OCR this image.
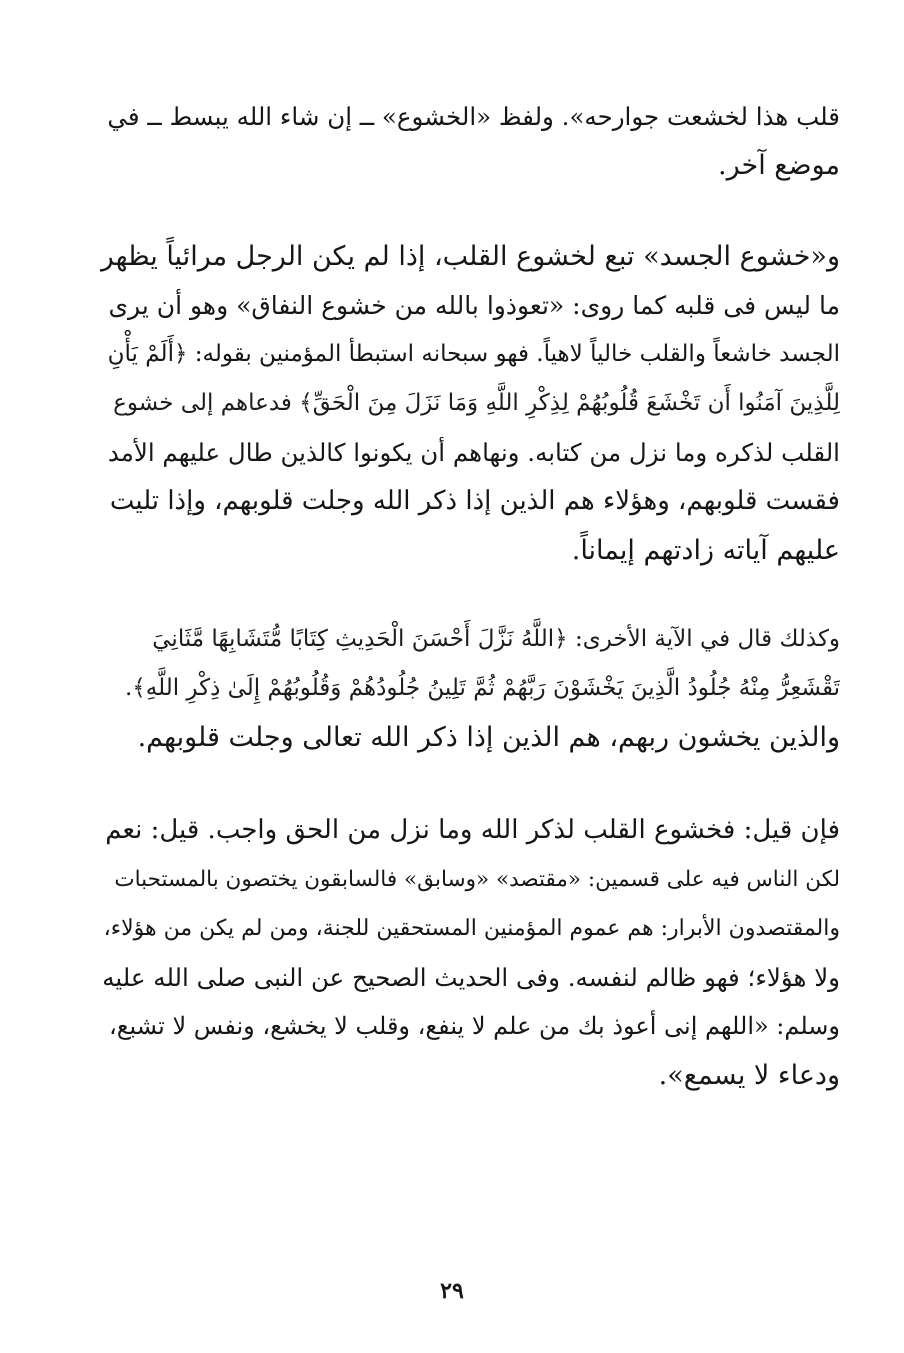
قلب هذا لخشعت جوارحه». ولفظ «الخشوع» ــ إن شاء الله يبسط ــ في
موضع آخر.
و«خشوع الجسد» تبع لخشوع القلب، إذا لم يكن الرجل مرائياً يظهر
ما ليس فى قلبه كما روى: «تعوذوا بالله من خشوع النفاق» وهو أن يرى
الجسد خاشعاً والقلب خالياً لاهياً. فهو سبحانه استبطأ المؤمنين بقوله: ﴿أَلَمْ يَأْنِ
لِلَّذِينَ آمَنُوا أَن تَخْشَعَ قُلُوبُهُمْ لِذِكْرِ اللَّهِ وَمَا نَزَلَ مِنَ الْحَقِّ﴾ فدعاهم إلى خشوع
القلب لذكره وما نزل من كتابه. ونهاهم أن يكونوا كالذين طال عليهم الأمد
فقست قلوبهم، وهؤلاء هم الذين إذا ذكر الله وجلت قلوبهم، وإذا تليت
عليهم آياته زادتهم إيماناً.
وكذلك قال في الآية الأخرى: ﴿اللَّهُ نَزَّلَ أَحْسَنَ الْحَدِيثِ كِتَابًا مُّتَشَابِهًا مَّثَانِيَ
تَقْشَعِرُّ مِنْهُ جُلُودُ الَّذِينَ يَخْشَوْنَ رَبَّهُمْ ثُمَّ تَلِينُ جُلُودُهُمْ وَقُلُوبُهُمْ إِلَىٰ ذِكْرِ اللَّهِ﴾.
والذين يخشون ربهم، هم الذين إذا ذكر الله تعالى وجلت قلوبهم.
فإن قيل: فخشوع القلب لذكر الله وما نزل من الحق واجب. قيل: نعم
لكن الناس فيه على قسمين: «مقتصد» «وسابق» فالسابقون يختصون بالمستحبات
والمقتصدون الأبرار: هم عموم المؤمنين المستحقين للجنة، ومن لم يكن من هؤلاء،
ولا هؤلاء؛ فهو ظالم لنفسه. وفى الحديث الصحيح عن النبى صلى الله عليه
وسلم: «اللهم إنى أعوذ بك من علم لا ينفع، وقلب لا يخشع، ونفس لا تشبع،
ودعاء لا يسمع».
٢٩
